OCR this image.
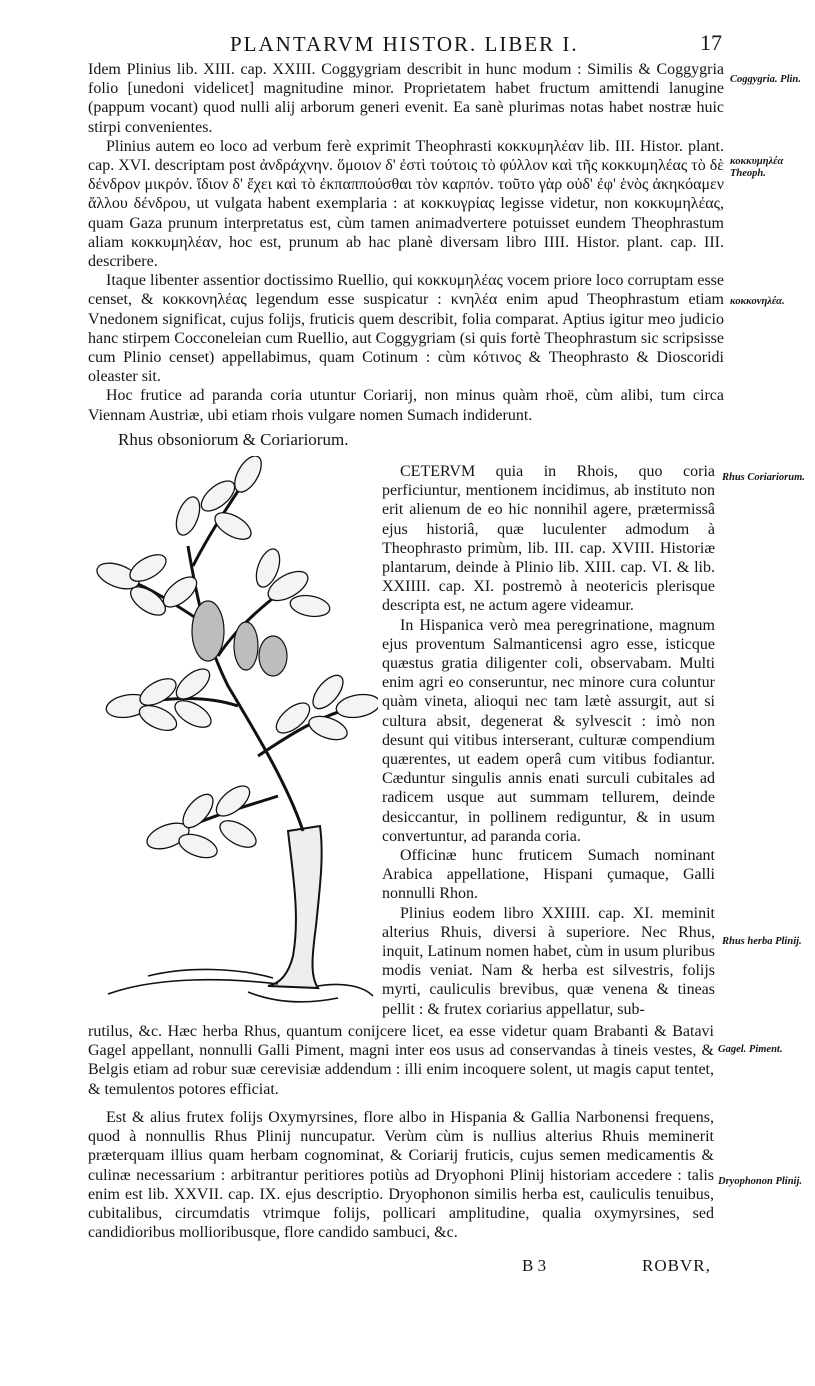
PLANTARVM HISTOR. LIBER I.	17

Idem Plinius lib. XIII. cap. XXIII. Coggygriam describit in hunc modum : Similis & Coggygria folio [unedoni videlicet] magnitudine minor. Proprietatem habet fructum amittendi lanugine (pappum vocant) quod nulli alij arborum generi evenit. Ea sanè plurimas notas habet nostræ huic stirpi convenientes.

Plinius autem eo loco ad verbum ferè exprimit Theophrasti κοκκυμηλέαν lib. III. Histor. plant. cap. XVI. descriptam post ἀνδράχνην. ὅμοιον δ' ἐστὶ τούτοις τὸ φύλλον καὶ τῆς κοκκυμηλέας τὸ δὲ δένδρον μικρόν. ἴδιον δ' ἔχει καὶ τὸ ἐκπαππούσθαι τὸν καρπόν. τοῦτο γὰρ οὐδ' ἐφ' ἑνὸς ἀκηκόαμεν ἄλλου δένδρου, ut vulgata habent exemplaria : at κοκκυγρίας legisse videtur, non κοκκυμηλέας, quam Gaza prunum interpretatus est, cùm tamen animadvertere potuisset eundem Theophrastum aliam κοκκυμηλέαν, hoc est, prunum ab hac planè diversam libro IIII. Histor. plant. cap. III. describere.

Itaque libenter assentior doctissimo Ruellio, qui κοκκυμηλέας vocem priore loco corruptam esse censet, & κοκκονηλέας legendum esse suspicatur : κνηλέα enim apud Theophrastum etiam Vnedonem significat, cujus folijs, fruticis quem describit, folia comparat. Aptius igitur meo judicio hanc stirpem Cocconeleian cum Ruellio, aut Coggygriam (si quis fortè Theophrastum sic scripsisse cum Plinio censet) appellabimus, quam Cotinum : cùm κότινος & Theophrasto & Dioscoridi oleaster sit.

Hoc frutice ad paranda coria utuntur Coriarij, non minus quàm rhoë, cùm alibi, tum circa Viennam Austriæ, ubi etiam rhois vulgare nomen Sumach indiderunt.

Coggygria. Plin.
κοκκυμηλέα Theoph.
κοκκονηλέα.
Rhus Coriariorum.
Rhus herba Plinij.
Gagel. Piment.
Dryophonon Plinij.
Rhus obsoniorum & Coriariorum.

CETERVM quia in Rhois, quo coria perficiuntur, mentionem incidimus, ab instituto non erit alienum de eo hic nonnihil agere, prætermissâ ejus historiâ, quæ luculenter admodum à Theophrasto primùm, lib. III. cap. XVIII. Historiæ plantarum, deinde à Plinio lib. XIII. cap. VI. & lib. XXIIII. cap. XI. postremò à neotericis plerisque descripta est, ne actum agere videamur.

In Hispanica verò mea peregrinatione, magnum ejus proventum Salmanticensi agro esse, isticque quæstus gratia diligenter coli, observabam. Multi enim agri eo conseruntur, nec minore cura coluntur quàm vineta, alioqui nec tam lætè assurgit, aut si cultura absit, degenerat & sylvescit : imò non desunt qui vitibus interserant, culturæ compendium quærentes, ut eadem operâ cum vitibus fodiantur. Cæduntur singulis annis enati surculi cubitales ad radicem usque aut summam tellurem, deinde desiccantur, in pollinem rediguntur, & in usum convertuntur, ad paranda coria.

Officinæ hunc fruticem Sumach nominant Arabica appellatione, Hispani çumaque, Galli nonnulli Rhon.

Plinius eodem libro XXIIII. cap. XI. meminit alterius Rhuis, diversi à superiore. Nec Rhus, inquit, Latinum nomen habet, cùm in usum pluribus modis veniat. Nam & herba est silvestris, folijs myrti, cauliculis brevibus, quæ venena & tineas pellit : & frutex coriarius appellatur, sub-

rutilus, &c. Hæc herba Rhus, quantum conijcere licet, ea esse videtur quam Brabanti & Batavi Gagel appellant, nonnulli Galli Piment, magni inter eos usus ad conservandas à tineis vestes, & Belgis etiam ad robur suæ cerevisiæ addendum : illi enim incoquere solent, ut magis caput tentet, & temulentos potores efficiat.

Est & alius frutex folijs Oxymyrsines, flore albo in Hispania & Gallia Narbonensi frequens, quod à nonnullis Rhus Plinij nuncupatur. Verùm cùm is nullius alterius Rhuis meminerit præterquam illius quam herbam cognominat, & Coriarij fruticis, cujus semen medicamentis & culinæ necessarium : arbitrantur peritiores potiùs ad Dryophoni Plinij historiam accedere : talis enim est lib. XXVII. cap. IX. ejus descriptio. Dryophonon similis herba est, cauliculis tenuibus, cubitalibus, circumdatis vtrimque folijs, pollicari amplitudine, qualia oxymyrsines, sed candidioribus mollioribusque, flore candido sambuci, &c.

B 3	ROBVR,
